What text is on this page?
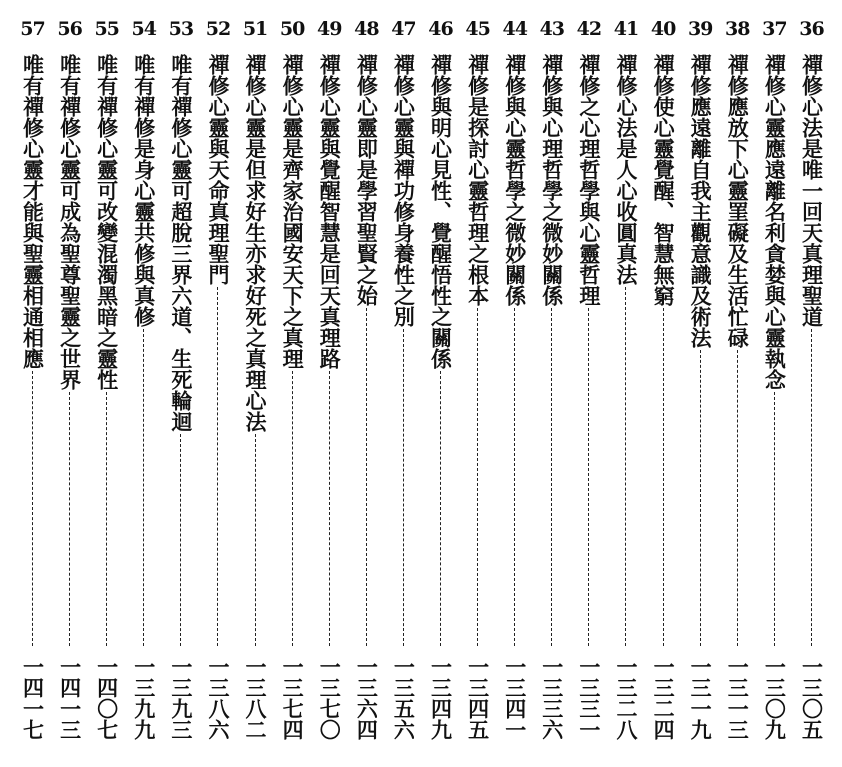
36
禪修心法是唯一回天真理聖道
一三〇五
37
禪修心靈應遠離名利貪婪與心靈執念
一三〇九
38
禪修應放下心靈罣礙及生活忙碌
一三一三
39
禪修應遠離自我主觀意識及術法
一三一九
40
禪修使心靈覺醒、智慧無窮
一三二四
41
禪修心法是人心收圓真法
一三二八
42
禪修之心理哲學與心靈哲理
一三三一
43
禪修與心理哲學之微妙關係
一三三六
44
禪修與心靈哲學之微妙關係
一三四一
45
禪修是探討心靈哲理之根本
一三四五
46
禪修與明心見性、覺醒悟性之關係
一三四九
47
禪修心靈與禪功修身養性之別
一三五六
48
禪修心靈即是學習聖賢之始
一三六四
49
禪修心靈與覺醒智慧是回天真理路
一三七〇
50
禪修心靈是齊家治國安天下之真理
一三七四
51
禪修心靈是但求好生亦求好死之真理心法
一三八二
52
禪修心靈與天命真理聖門
一三八六
53
唯有禪修心靈可超脫三界六道、生死輪迴
一三九三
54
唯有禪修是身心靈共修與真修
一三九九
55
唯有禪修心靈可改變混濁黑暗之靈性
一四〇七
56
唯有禪修心靈可成為聖尊聖靈之世界
一四一三
57
唯有禪修心靈才能與聖靈相通相應
一四一七
